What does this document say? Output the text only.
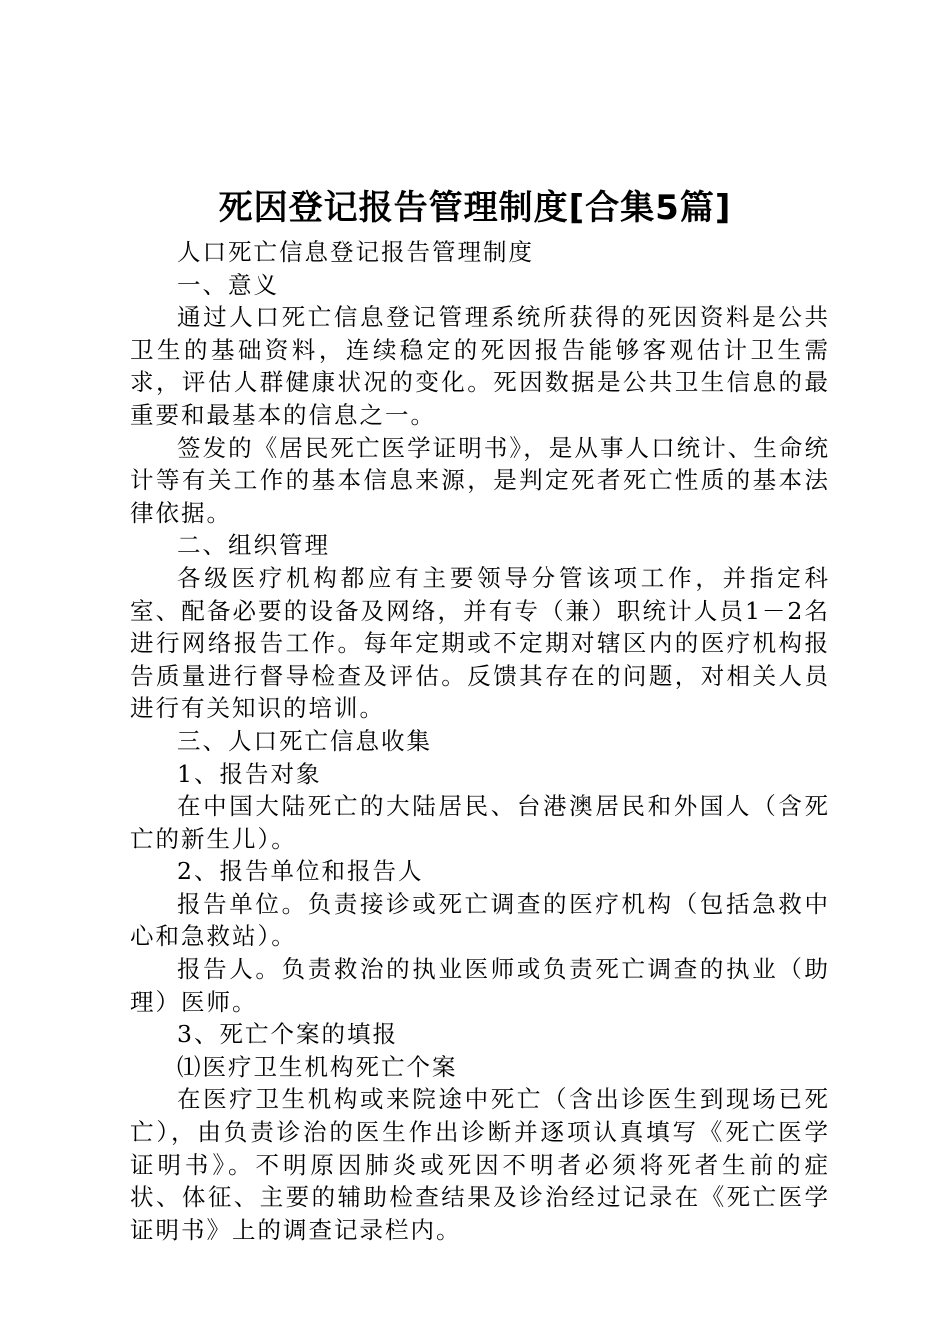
死因登记报告管理制度[合集5篇]

人口死亡信息登记报告管理制度

一、意义

通过人口死亡信息登记管理系统所获得的死因资料是公共卫生的基础资料，连续稳定的死因报告能够客观估计卫生需求，评估人群健康状况的变化。死因数据是公共卫生信息的最重要和最基本的信息之一。

签发的《居民死亡医学证明书》，是从事人口统计、生命统计等有关工作的基本信息来源，是判定死者死亡性质的基本法律依据。

二、组织管理

各级医疗机构都应有主要领导分管该项工作，并指定科室、配备必要的设备及网络，并有专（兼）职统计人员1－2名进行网络报告工作。每年定期或不定期对辖区内的医疗机构报告质量进行督导检查及评估。反馈其存在的问题，对相关人员进行有关知识的培训。

三、人口死亡信息收集

1、报告对象

在中国大陆死亡的大陆居民、台港澳居民和外国人（含死亡的新生儿）。

2、报告单位和报告人

报告单位。负责接诊或死亡调查的医疗机构（包括急救中心和急救站）。

报告人。负责救治的执业医师或负责死亡调查的执业（助理）医师。

3、死亡个案的填报

⑴医疗卫生机构死亡个案

在医疗卫生机构或来院途中死亡（含出诊医生到现场已死亡），由负责诊治的医生作出诊断并逐项认真填写《死亡医学证明书》。不明原因肺炎或死因不明者必须将死者生前的症状、体征、主要的辅助检查结果及诊治经过记录在《死亡医学证明书》上的调查记录栏内。
